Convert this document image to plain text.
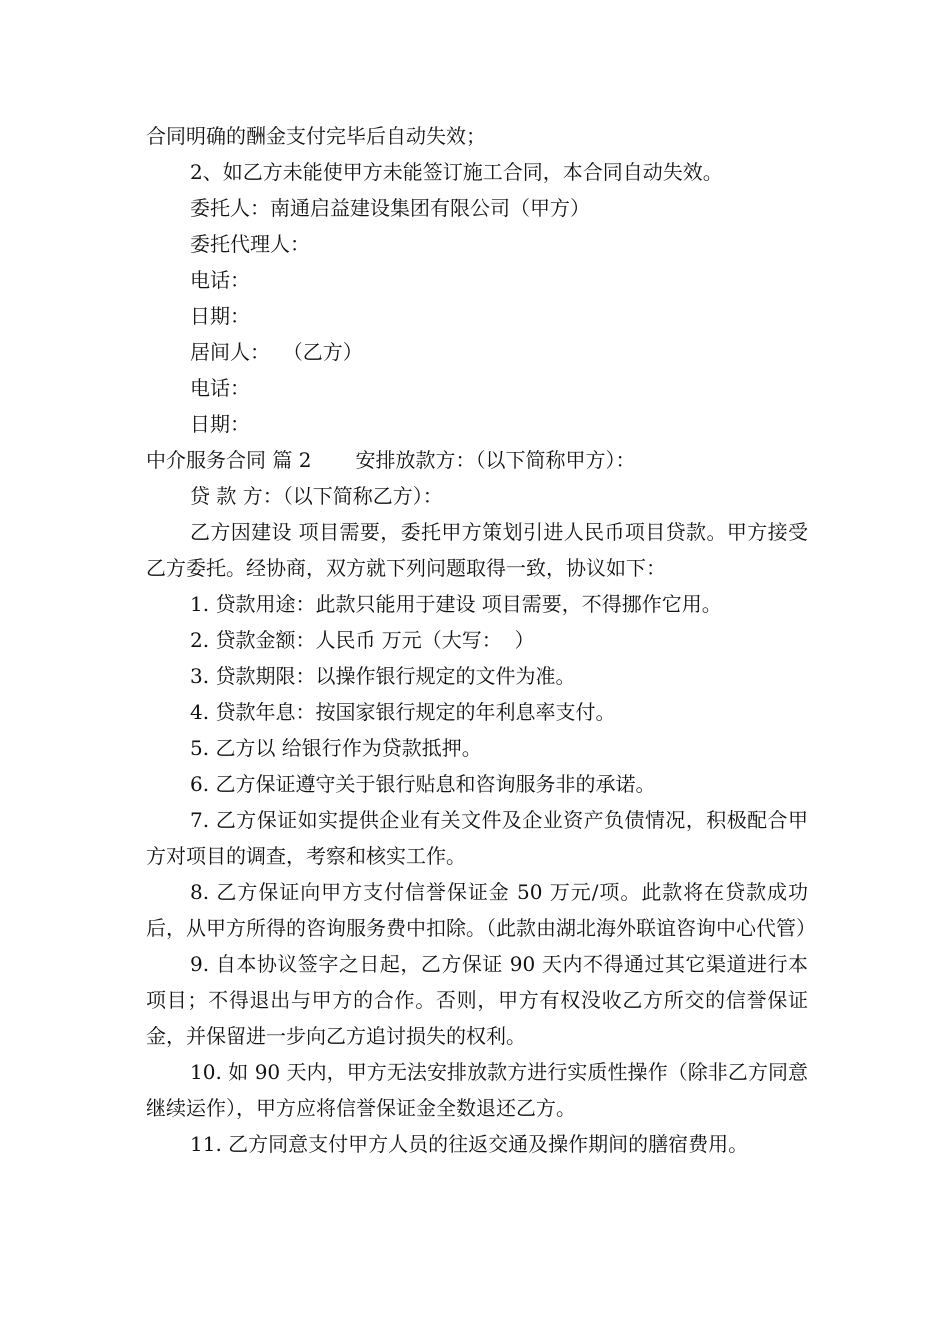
合同明确的酬金支付完毕后自动失效；

2、如乙方未能使甲方未能签订施工合同，本合同自动失效。

委托人：南通启益建设集团有限公司（甲方）

委托代理人：

电话：

日期：

居间人：  （乙方）

电话：

日期：

中介服务合同 篇 2 安排放款方：（以下简称甲方）：

贷 款 方：（以下简称乙方）：

乙方因建设 项目需要，委托甲方策划引进人民币项目贷款。甲方接受乙方委托。经协商，双方就下列问题取得一致，协议如下：

1. 贷款用途：此款只能用于建设 项目需要，不得挪作它用。

2. 贷款金额：人民币 万元（大写：  ）

3. 贷款期限：以操作银行规定的文件为准。

4. 贷款年息：按国家银行规定的年利息率支付。

5. 乙方以 给银行作为贷款抵押。

6. 乙方保证遵守关于银行贴息和咨询服务非的承诺。

7. 乙方保证如实提供企业有关文件及企业资产负债情况，积极配合甲方对项目的调查，考察和核实工作。

8. 乙方保证向甲方支付信誉保证金 50 万元/项。此款将在贷款成功后，从甲方所得的咨询服务费中扣除。（此款由湖北海外联谊咨询中心代管）

9. 自本协议签字之日起，乙方保证 90 天内不得通过其它渠道进行本项目；不得退出与甲方的合作。否则，甲方有权没收乙方所交的信誉保证金，并保留进一步向乙方追讨损失的权利。

10. 如 90 天内，甲方无法安排放款方进行实质性操作（除非乙方同意继续运作），甲方应将信誉保证金全数退还乙方。

11. 乙方同意支付甲方人员的往返交通及操作期间的膳宿费用。
